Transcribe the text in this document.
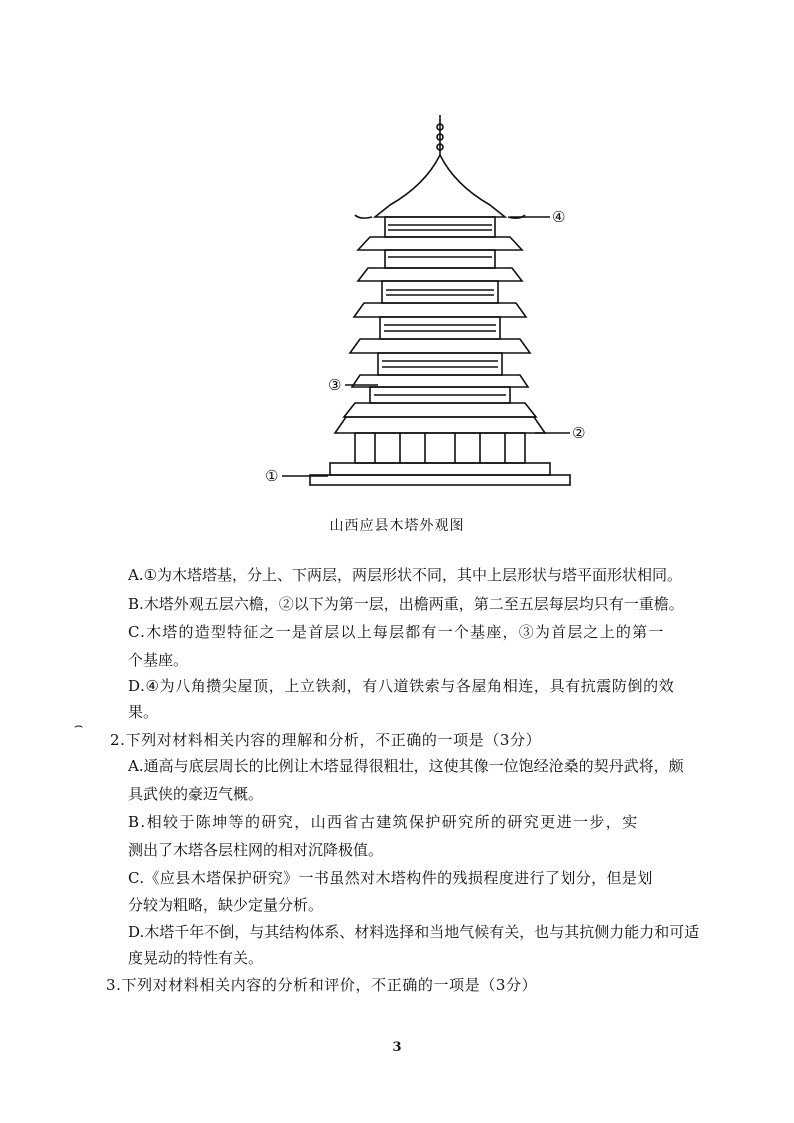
④
②
③
①
山西应县木塔外观图
A.①为木塔塔基，分上、下两层，两层形状不同，其中上层形状与塔平面形状相同。
B.木塔外观五层六檐，②以下为第一层，出檐两重，第二至五层每层均只有一重檐。
C.木塔的造型特征之一是首层以上每层都有一个基座，③为首层之上的第一
个基座。
D.④为八角攒尖屋顶，上立铁刹，有八道铁索与各屋角相连，具有抗震防倒的效
果。
⌢
2.下列对材料相关内容的理解和分析，不正确的一项是（3分）
A.通高与底层周长的比例让木塔显得很粗壮，这使其像一位饱经沧桑的契丹武将，颇
具武侠的豪迈气概。
B.相较于陈坤等的研究，山西省古建筑保护研究所的研究更进一步，实
测出了木塔各层柱网的相对沉降极值。
C.《应县木塔保护研究》一书虽然对木塔构件的残损程度进行了划分，但是划
分较为粗略，缺少定量分析。
D.木塔千年不倒，与其结构体系、材料选择和当地气候有关，也与其抗侧力能力和可适
度晃动的特性有关。
3.下列对材料相关内容的分析和评价，不正确的一项是（3分）
3
